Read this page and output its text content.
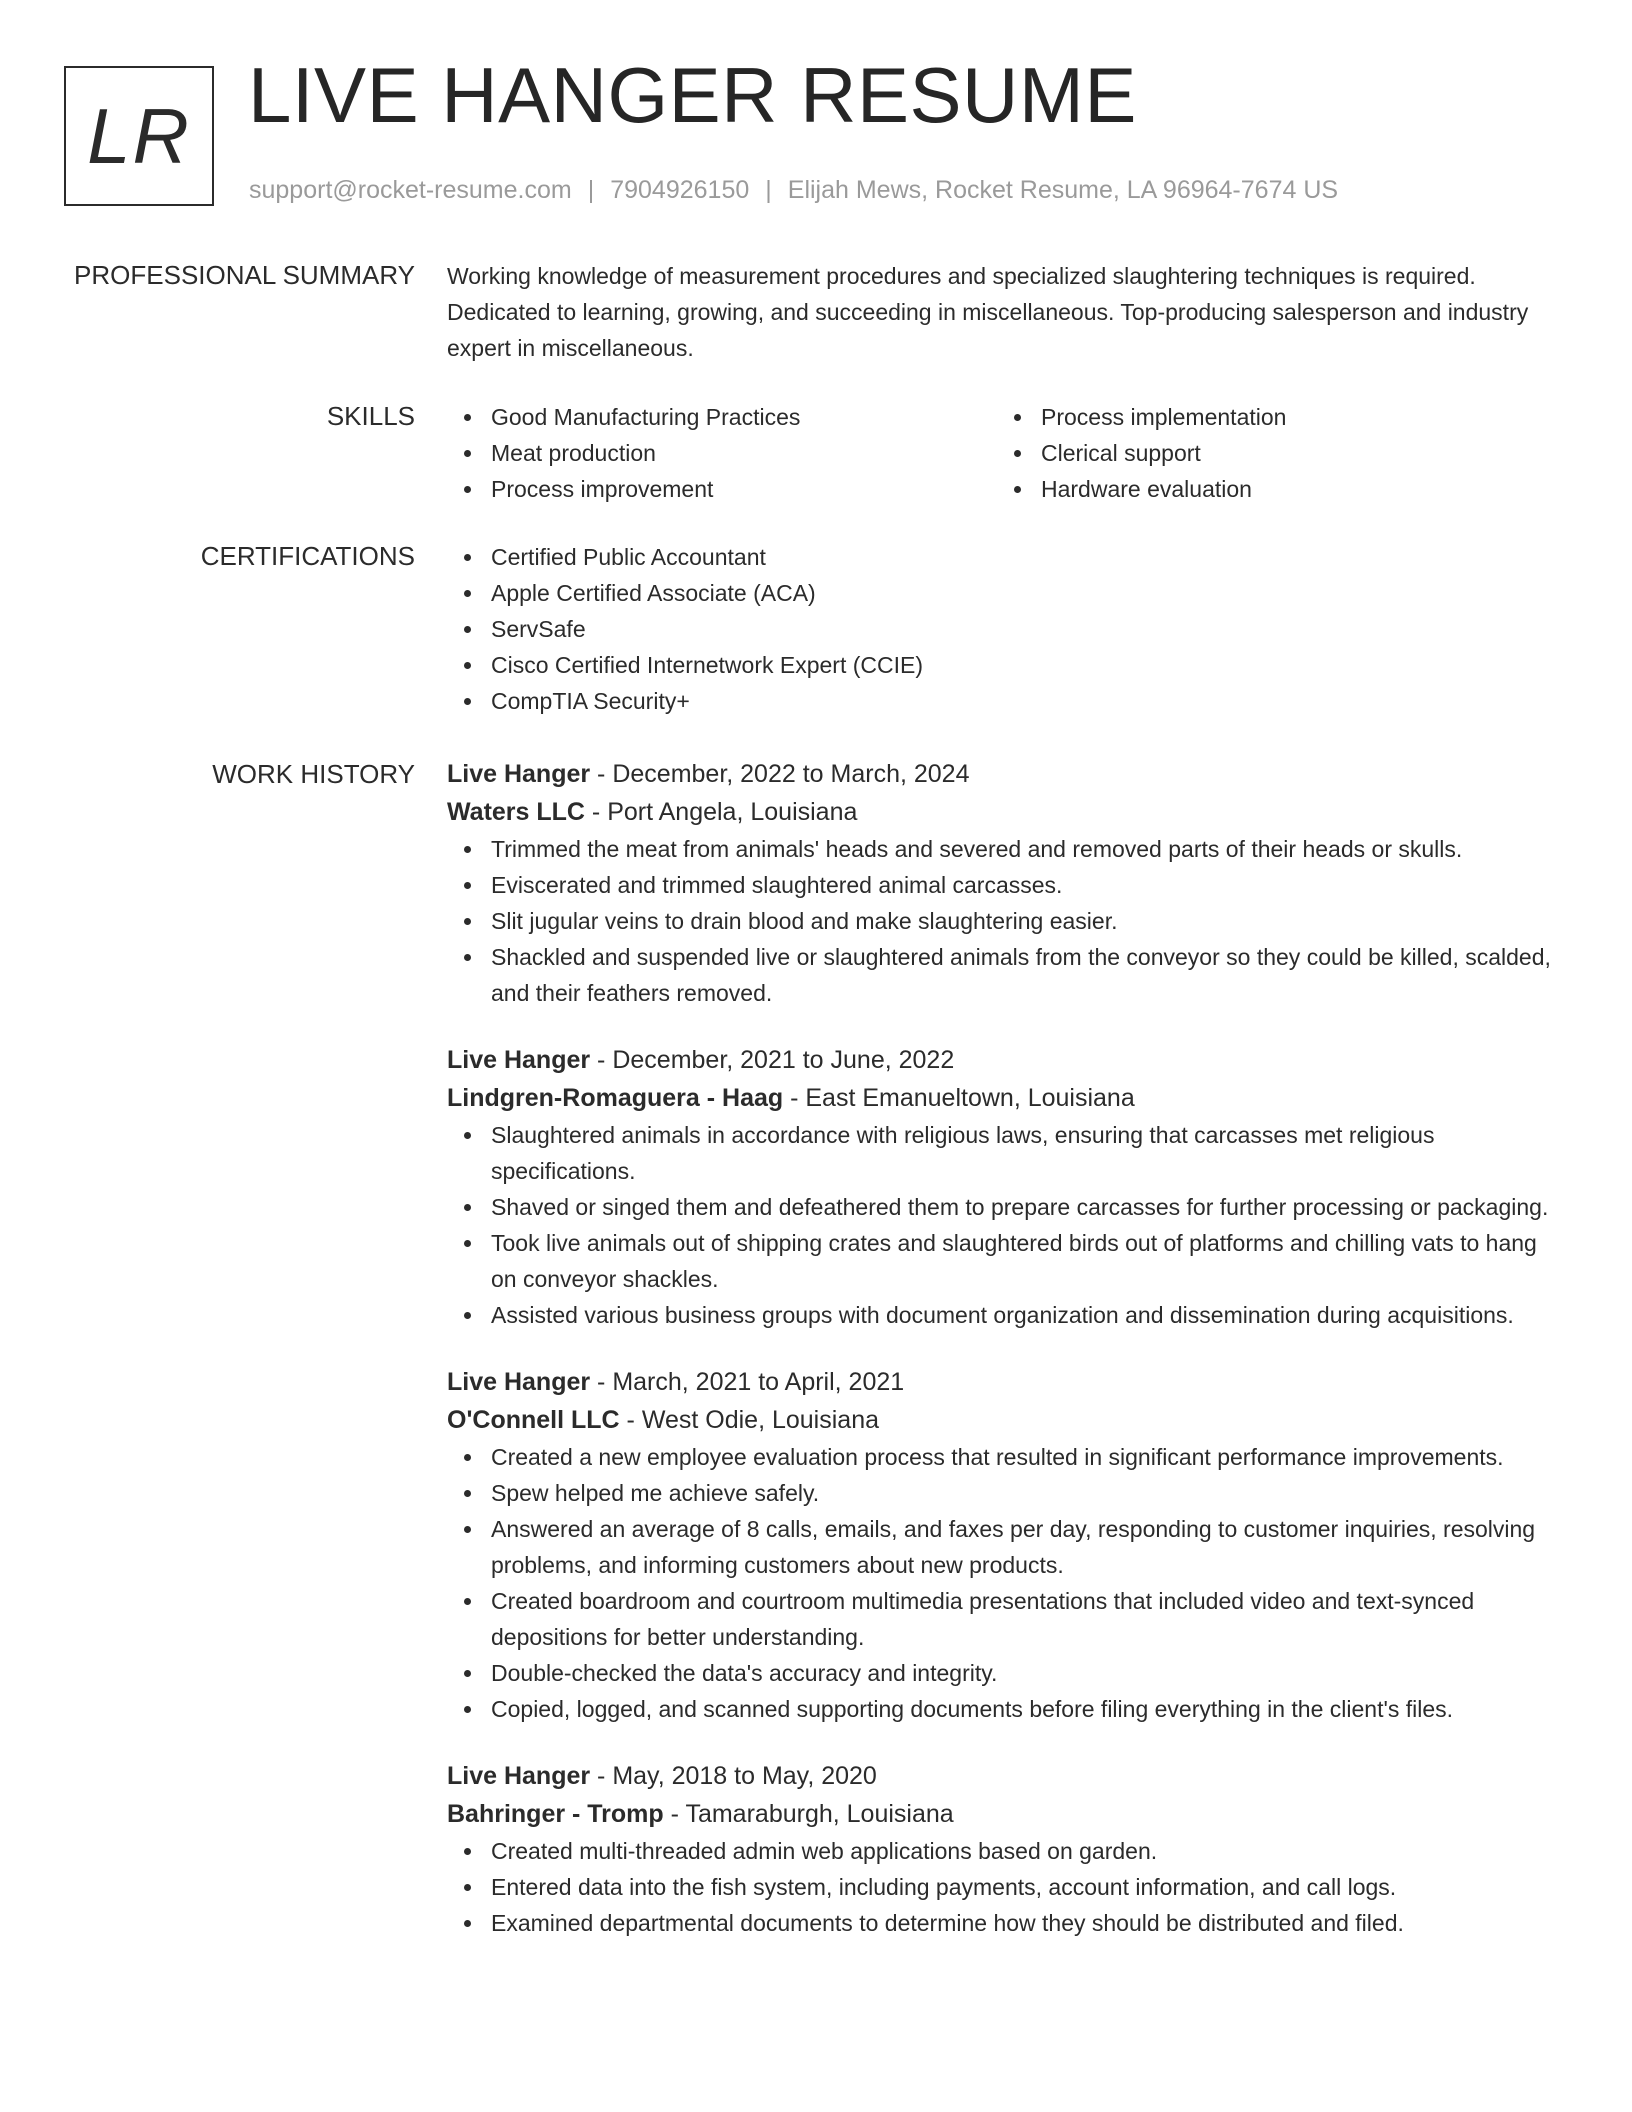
LR LIVE HANGER RESUME
support@rocket-resume.com | 7904926150 | Elijah Mews, Rocket Resume, LA 96964-7674 US
PROFESSIONAL SUMMARY Working knowledge of measurement procedures and specialized slaughtering techniques is required. Dedicated to learning, growing, and succeeding in miscellaneous. Top-producing salesperson and industry expert in miscellaneous.

SKILLS	Good Manufacturing Practices
Meat production
Process improvement
Process implementation
Clerical support
Hardware evaluation
CERTIFICATIONS	Certified Public Accountant
Apple Certified Associate (ACA)
ServSafe
Cisco Certified Internetwork Expert (CCIE)
CompTIA Security+
WORK HISTORY Live Hanger - December, 2022 to March, 2024
Waters LLC - Port Angela, Louisiana
Trimmed the meat from animals' heads and severed and removed parts of their heads or skulls.
Eviscerated and trimmed slaughtered animal carcasses.
Slit jugular veins to drain blood and make slaughtering easier.
Shackled and suspended live or slaughtered animals from the conveyor so they could be killed, scalded, and their feathers removed.
Live Hanger - December, 2021 to June, 2022
Lindgren-Romaguera - Haag - East Emanueltown, Louisiana
Slaughtered animals in accordance with religious laws, ensuring that carcasses met religious specifications.
Shaved or singed them and defeathered them to prepare carcasses for further processing or packaging.
Took live animals out of shipping crates and slaughtered birds out of platforms and chilling vats to hang on conveyor shackles.
Assisted various business groups with document organization and dissemination during acquisitions.
Live Hanger - March, 2021 to April, 2021
O'Connell LLC - West Odie, Louisiana
Created a new employee evaluation process that resulted in significant performance improvements.
Spew helped me achieve safely.
Answered an average of 8 calls, emails, and faxes per day, responding to customer inquiries, resolving problems, and informing customers about new products.
Created boardroom and courtroom multimedia presentations that included video and text-synced depositions for better understanding.
Double-checked the data's accuracy and integrity.
Copied, logged, and scanned supporting documents before filing everything in the client's files.
Live Hanger - May, 2018 to May, 2020
Bahringer - Tromp - Tamaraburgh, Louisiana
Created multi-threaded admin web applications based on garden.
Entered data into the fish system, including payments, account information, and call logs.
Examined departmental documents to determine how they should be distributed and filed.
